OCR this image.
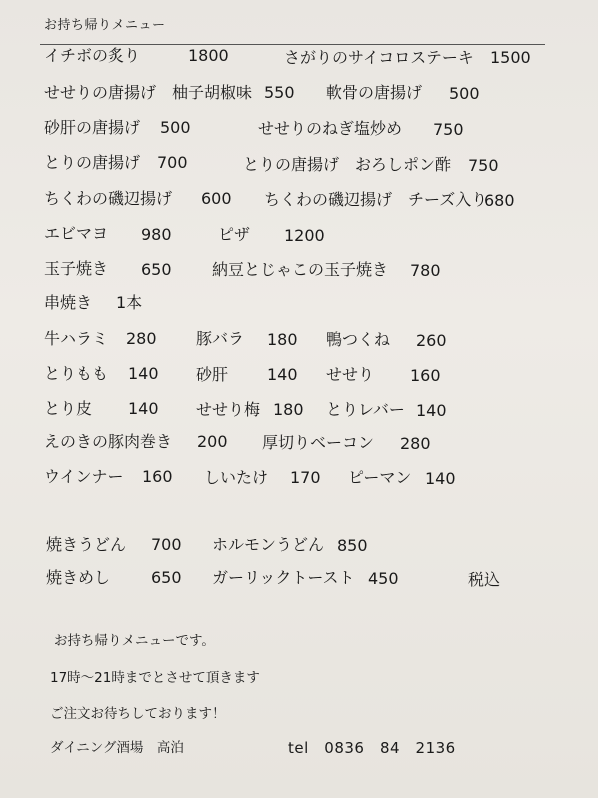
お持ち帰りメニュー
イチボの炙り	1800	さがりのサイコロステーキ 1500
せせりの唐揚げ　柚子胡椒味 550 軟骨の唐揚げ 500
砂肝の唐揚げ 500	せせりのねぎ塩炒め 750
とりの唐揚げ 700	とりの唐揚げ　おろしポン酢 750
ちくわの磯辺揚げ 600 ちくわの磯辺揚げ　チーズ入り
680
エビマヨ 980	ピザ 1200
玉子焼き 650	納豆とじゃこの玉子焼き 780
串焼き 1本
牛ハラミ 280 豚バラ 180 鴨つくね 260
とりもも 140 砂肝 140 せせり 160
とり皮 140 せせり梅 180 とりレバー 140
えのきの豚肉巻き 200 厚切りベーコン 280
ウインナー 160 しいたけ 170 ピーマン 140
焼きうどん 700 ホルモンうどん 850
焼きめし	650 ガーリックトースト 450	税込
お持ち帰りメニューです。
17時〜21時までとさせて頂きます
ご注文お待ちしております！
ダイニング酒場　高泊	tel　0836　84　2136
